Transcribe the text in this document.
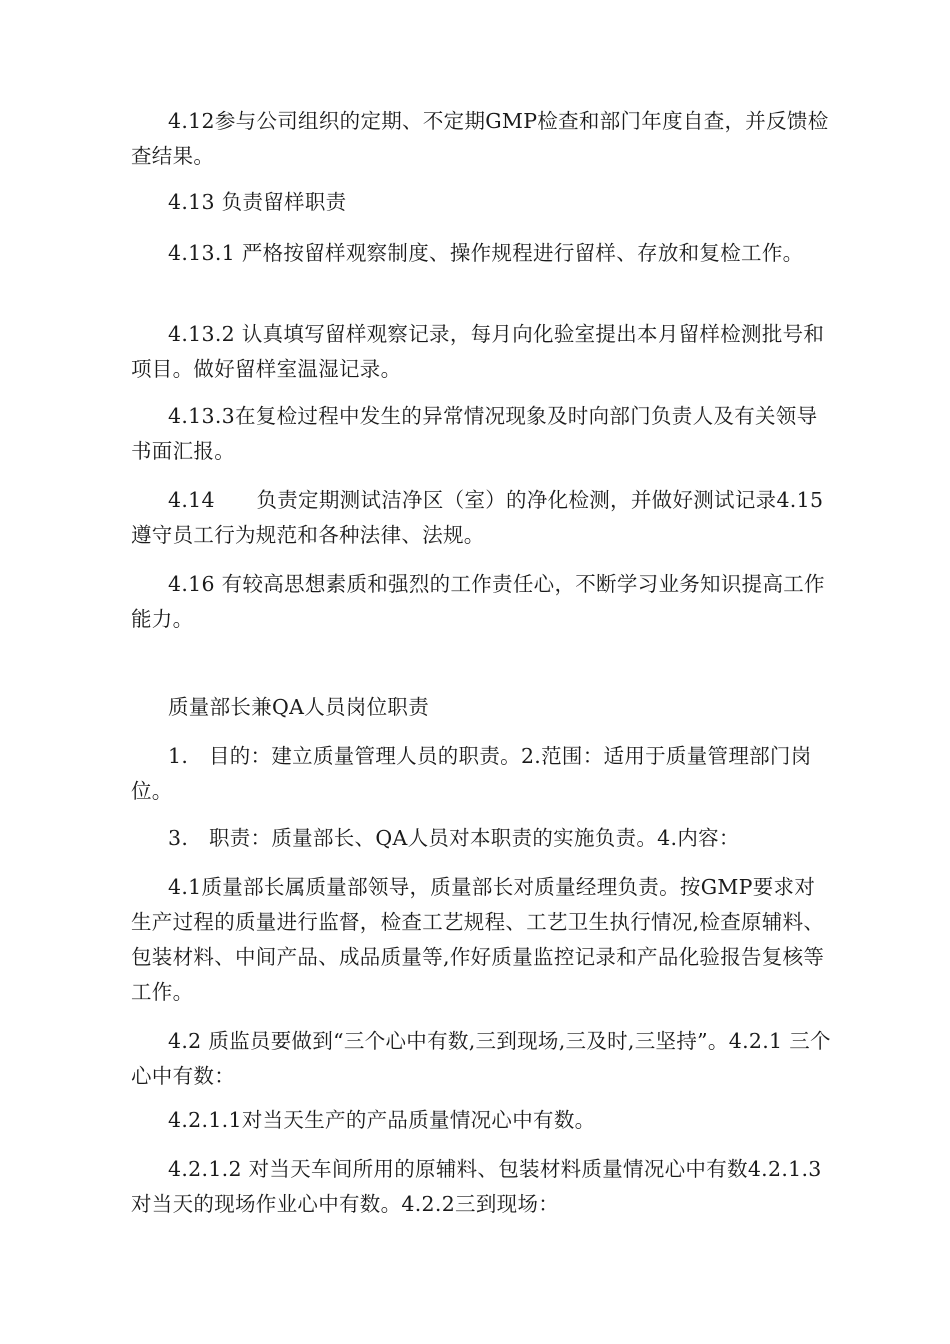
4.12参与公司组织的定期、不定期GMP检查和部门年度自查，并反馈检查结果。

4.13 负责留样职责

4.13.1 严格按留样观察制度、操作规程进行留样、存放和复检工作。

4.13.2 认真填写留样观察记录，每月向化验室提出本月留样检测批号和项目。做好留样室温湿记录。

4.13.3在复检过程中发生的异常情况现象及时向部门负责人及有关领导书面汇报。

4.14　　负责定期测试洁净区（室）的净化检测，并做好测试记录4.15 遵守员工行为规范和各种法律、法规。

4.16 有较高思想素质和强烈的工作责任心，不断学习业务知识提高工作能力。

质量部长兼QA人员岗位职责

1.　目的：建立质量管理人员的职责。2.范围：适用于质量管理部门岗位。

3.　职责：质量部长、QA人员对本职责的实施负责。4.内容：

4.1质量部长属质量部领导，质量部长对质量经理负责。按GMP要求对生产过程的质量进行监督，检查工艺规程、工艺卫生执行情况,检查原辅料、包装材料、中间产品、成品质量等,作好质量监控记录和产品化验报告复核等工作。

4.2 质监员要做到“三个心中有数,三到现场,三及时,三坚持”。4.2.1 三个心中有数：

4.2.1.1对当天生产的产品质量情况心中有数。

4.2.1.2 对当天车间所用的原辅料、包装材料质量情况心中有数4.2.1.3 对当天的现场作业心中有数。4.2.2三到现场：
